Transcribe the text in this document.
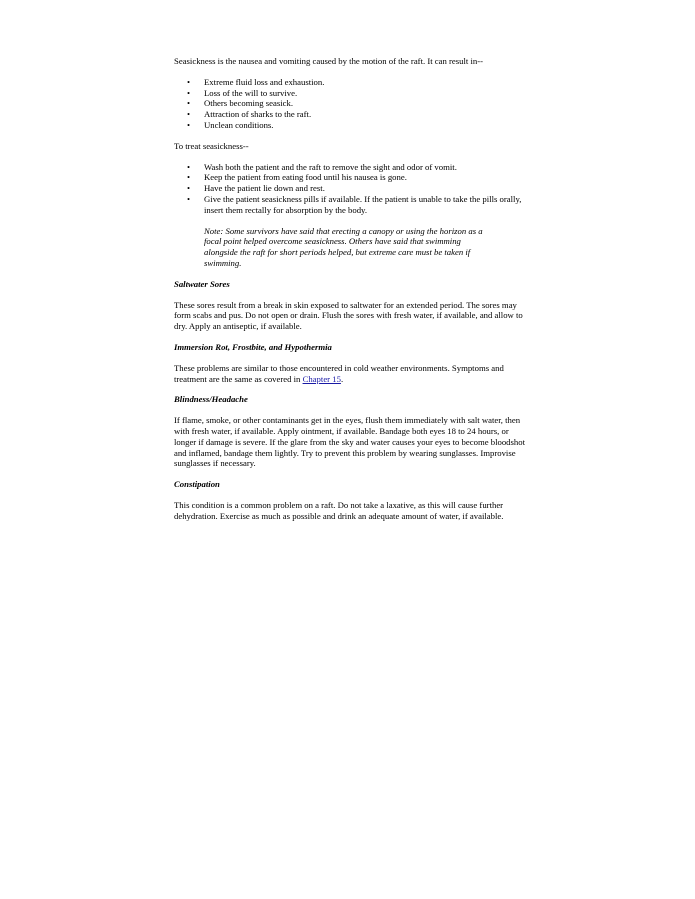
Seasickness is the nausea and vomiting caused by the motion of the raft. It can result in--

• Extreme fluid loss and exhaustion.
• Loss of the will to survive.
• Others becoming seasick.
• Attraction of sharks to the raft.
• Unclean conditions.

To treat seasickness--

• Wash both the patient and the raft to remove the sight and odor of vomit.
• Keep the patient from eating food until his nausea is gone.
• Have the patient lie down and rest.
• Give the patient seasickness pills if available. If the patient is unable to take the pills orally, insert them rectally for absorption by the body.

Note: Some survivors have said that erecting a canopy or using the horizon as a focal point helped overcome seasickness. Others have said that swimming alongside the raft for short periods helped, but extreme care must be taken if swimming.

Saltwater Sores

These sores result from a break in skin exposed to saltwater for an extended period. The sores may form scabs and pus. Do not open or drain. Flush the sores with fresh water, if available, and allow to dry. Apply an antiseptic, if available.

Immersion Rot, Frostbite, and Hypothermia

These problems are similar to those encountered in cold weather environments. Symptoms and treatment are the same as covered in Chapter 15.

Blindness/Headache

If flame, smoke, or other contaminants get in the eyes, flush them immediately with salt water, then with fresh water, if available. Apply ointment, if available. Bandage both eyes 18 to 24 hours, or longer if damage is severe. If the glare from the sky and water causes your eyes to become bloodshot and inflamed, bandage them lightly. Try to prevent this problem by wearing sunglasses. Improvise sunglasses if necessary.

Constipation

This condition is a common problem on a raft. Do not take a laxative, as this will cause further dehydration. Exercise as much as possible and drink an adequate amount of water, if available.
